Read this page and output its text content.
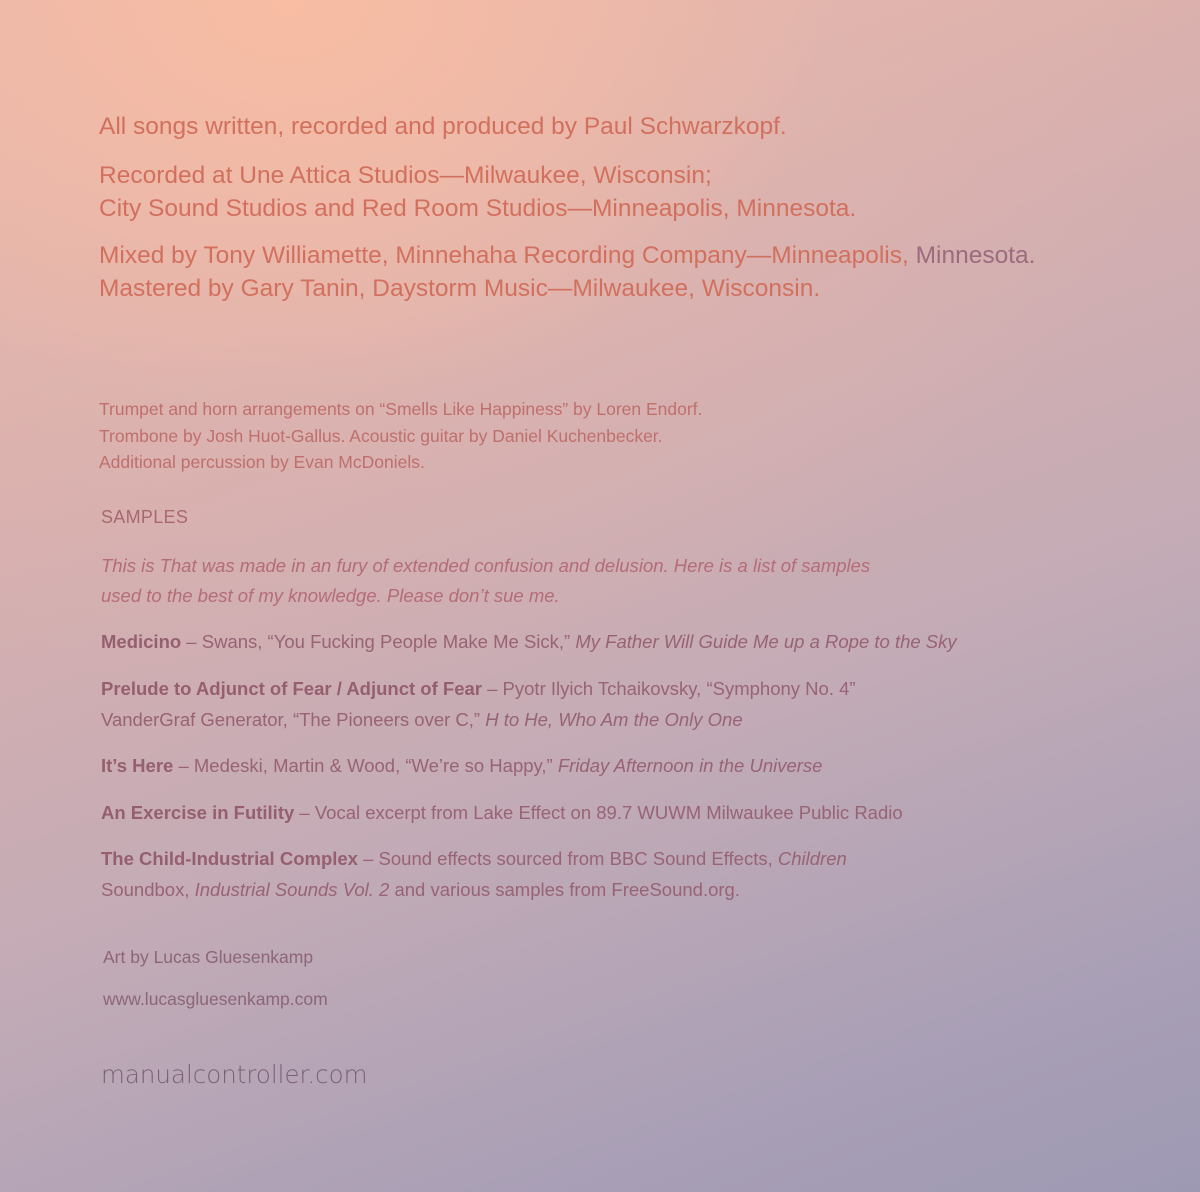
All songs written, recorded and produced by Paul Schwarzkopf.

Recorded at Une Attica Studios—Milwaukee, Wisconsin;

City Sound Studios and Red Room Studios—Minneapolis, Minnesota.

Mixed by Tony Williamette, Minnehaha Recording Company—Minneapolis, Minnesota.

Mastered by Gary Tanin, Daystorm Music—Milwaukee, Wisconsin.

Trumpet and horn arrangements on “Smells Like Happiness” by Loren Endorf.
Trombone by Josh Huot-Gallus. Acoustic guitar by Daniel Kuchenbecker.
Additional percussion by Evan McDoniels.
SAMPLES
This is That was made in an fury of extended confusion and delusion. Here is a list of samples
used to the best of my knowledge. Please don’t sue me.
Medicino – Swans, “You Fucking People Make Me Sick,” My Father Will Guide Me up a Rope to the Sky
Prelude to Adjunct of Fear / Adjunct of Fear – Pyotr Ilyich Tchaikovsky, “Symphony No. 4”
VanderGraf Generator, “The Pioneers over C,” H to He, Who Am the Only One
It’s Here – Medeski, Martin & Wood, “We’re so Happy,” Friday Afternoon in the Universe
An Exercise in Futility – Vocal excerpt from Lake Effect on 89.7 WUWM Milwaukee Public Radio
The Child-Industrial Complex – Sound effects sourced from BBC Sound Effects, Children
Soundbox, Industrial Sounds Vol. 2 and various samples from FreeSound.org.
Art by Lucas Gluesenkamp
www.lucasgluesenkamp.com
manualcontroller.com
